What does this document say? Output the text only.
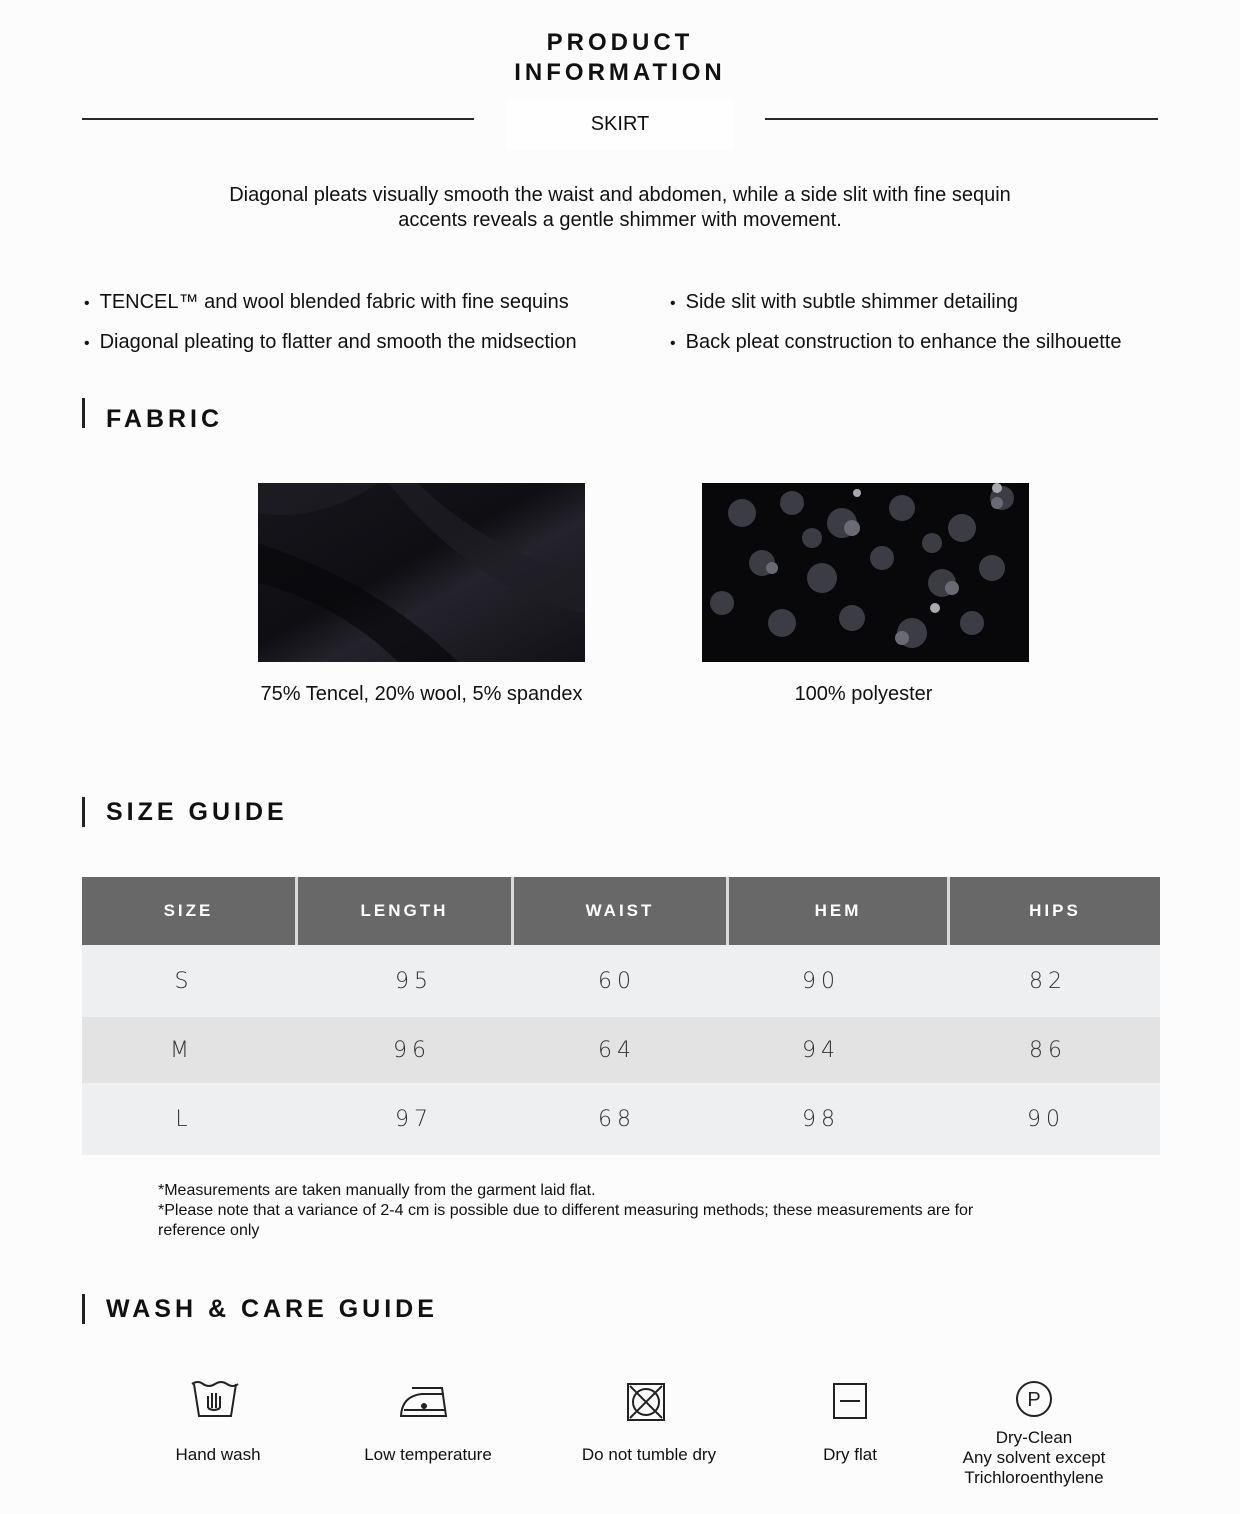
PRODUCT
INFORMATION
SKIRT
Diagonal pleats visually smooth the waist and abdomen, while a side slit with fine sequin
accents reveals a gentle shimmer with movement.
• TENCEL™ and wool blended fabric with fine sequins	• Side slit with subtle shimmer detailing
• Diagonal pleating to flatter and smooth the midsection	• Back pleat construction to enhance the silhouette
FABRIC
75% Tencel, 20% wool, 5% spandex	100% polyester
SIZE GUIDE
SIZE	LENGTH	WAIST	HEM	HIPS
S	95	60	90	82
M	96	64	94	86
L	97	68	98	90
*Measurements are taken manually from the garment laid flat.
*Please note that a variance of 2-4 cm is possible due to different measuring methods; these measurements are for reference only
WASH & CARE GUIDE
P
Hand wash	Low temperature	Do not tumble dry	Dry flat
Dry-Clean
Any solvent except
Trichloroenthylene
